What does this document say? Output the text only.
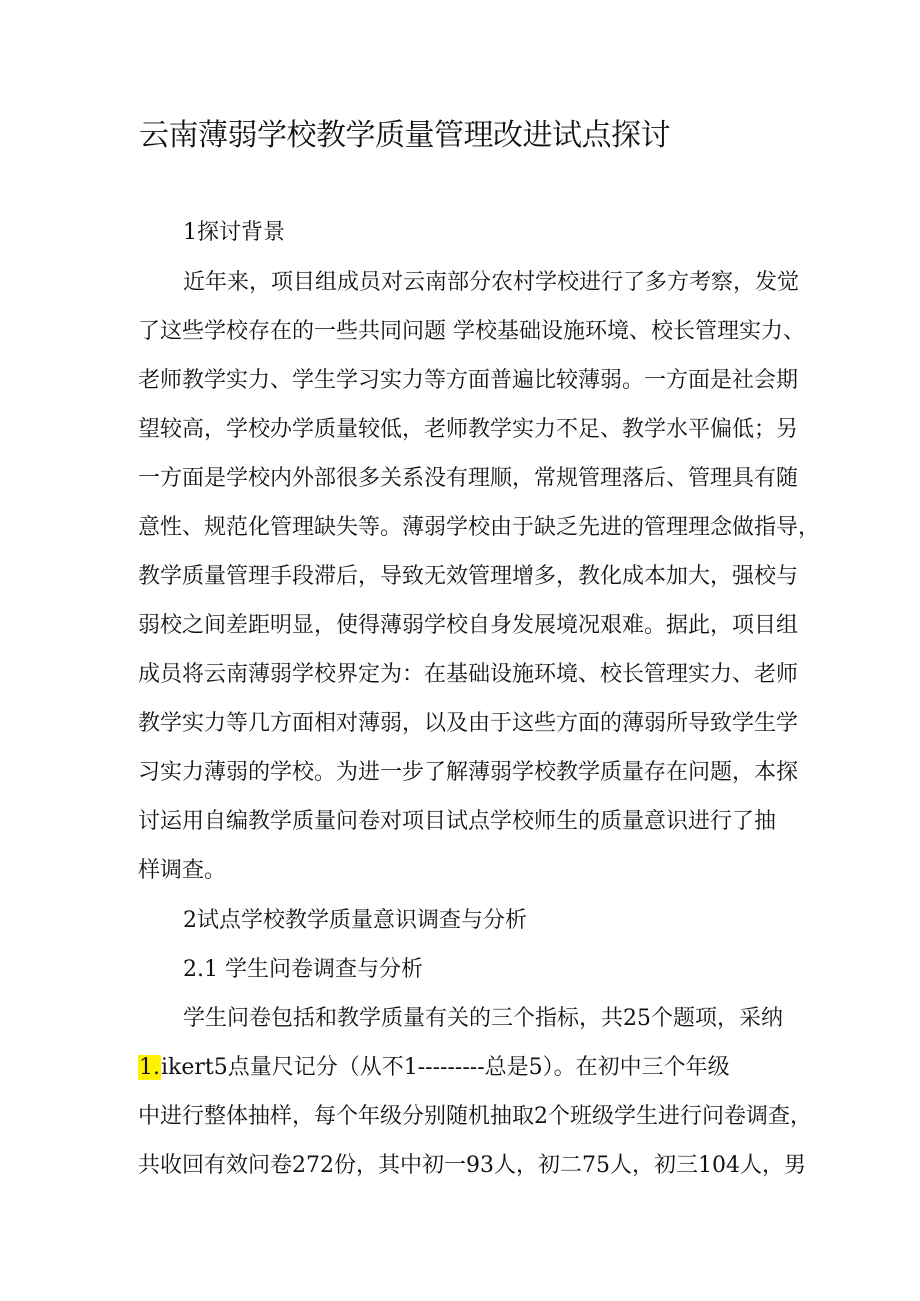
云南薄弱学校教学质量管理改进试点探讨
1探讨背景
近年来，项目组成员对云南部分农村学校进行了多方考察，发觉
了这些学校存在的一些共同问题 学校基础设施环境、校长管理实力、
老师教学实力、学生学习实力等方面普遍比较薄弱。一方面是社会期
望较高，学校办学质量较低，老师教学实力不足、教学水平偏低；另
一方面是学校内外部很多关系没有理顺，常规管理落后、管理具有随
意性、规范化管理缺失等。薄弱学校由于缺乏先进的管理理念做指导，
教学质量管理手段滞后，导致无效管理增多，教化成本加大，强校与
弱校之间差距明显，使得薄弱学校自身发展境况艰难。据此，项目组
成员将云南薄弱学校界定为：在基础设施环境、校长管理实力、老师
教学实力等几方面相对薄弱，以及由于这些方面的薄弱所导致学生学
习实力薄弱的学校。为进一步了解薄弱学校教学质量存在问题，本探
讨运用自编教学质量问卷对项目试点学校师生的质量意识进行了抽
样调查。
2试点学校教学质量意识调查与分析
2.1 学生问卷调查与分析
学生问卷包括和教学质量有关的三个指标，共25个题项，采纳
1.ikert5点量尺记分（从不1---------总是5）。在初中三个年级
中进行整体抽样，每个年级分别随机抽取2个班级学生进行问卷调查，
共收回有效问卷272份，其中初一93人，初二75人，初三104人，男
